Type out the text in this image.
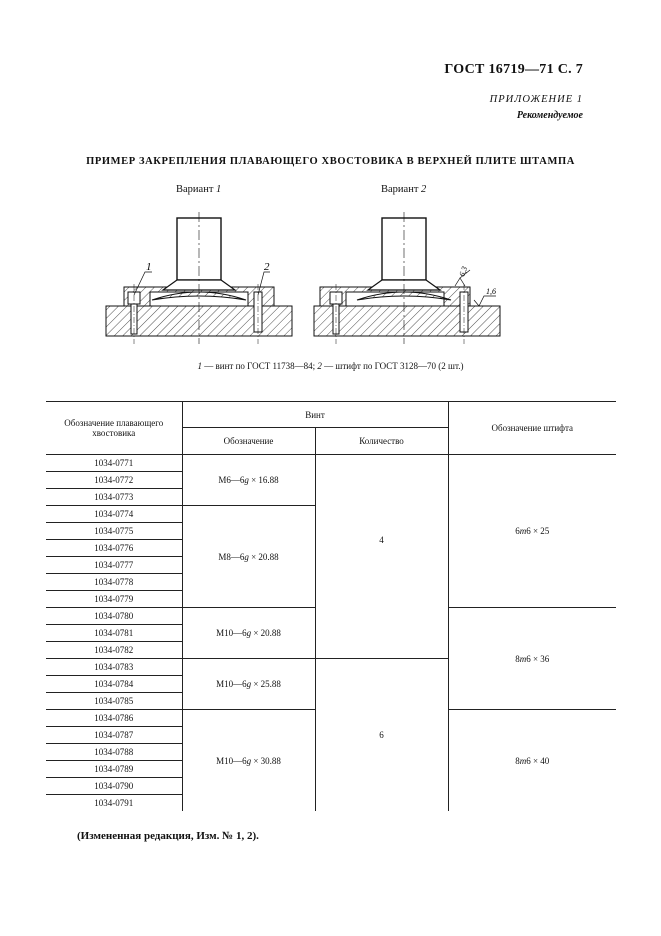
ГОСТ 16719—71 С. 7
ПРИЛОЖЕНИЕ 1
Рекомендуемое
ПРИМЕР ЗАКРЕПЛЕНИЯ ПЛАВАЮЩЕГО ХВОСТОВИКА В ВЕРХНЕЙ ПЛИТЕ ШТАМПА
Вариант 1	Вариант 2
1	2	6,3
1,6
1 — винт по ГОСТ 11738—84; 2 — штифт по ГОСТ 3128—70 (2 шт.)
Обозначение плавающего хвостовика	Винт		Обозначение штифта
	Обозначение	Количество	
1034-0771	М6—6g × 16.88	4	6m6 × 25
1034-0772			
1034-0773			
1034-0774	М8—6g × 20.88		
1034-0775			
1034-0776			
1034-0777			
1034-0778			
1034-0779			
1034-0780	М10—6g × 20.88		8m6 × 36
1034-0781			
1034-0782			
1034-0783	М10—6g × 25.88	6	
1034-0784			
1034-0785			
1034-0786	М10—6g × 30.88		8m6 × 40
1034-0787			
1034-0788			
1034-0789			
1034-0790			
1034-0791			
(Измененная редакция, Изм. № 1, 2).
